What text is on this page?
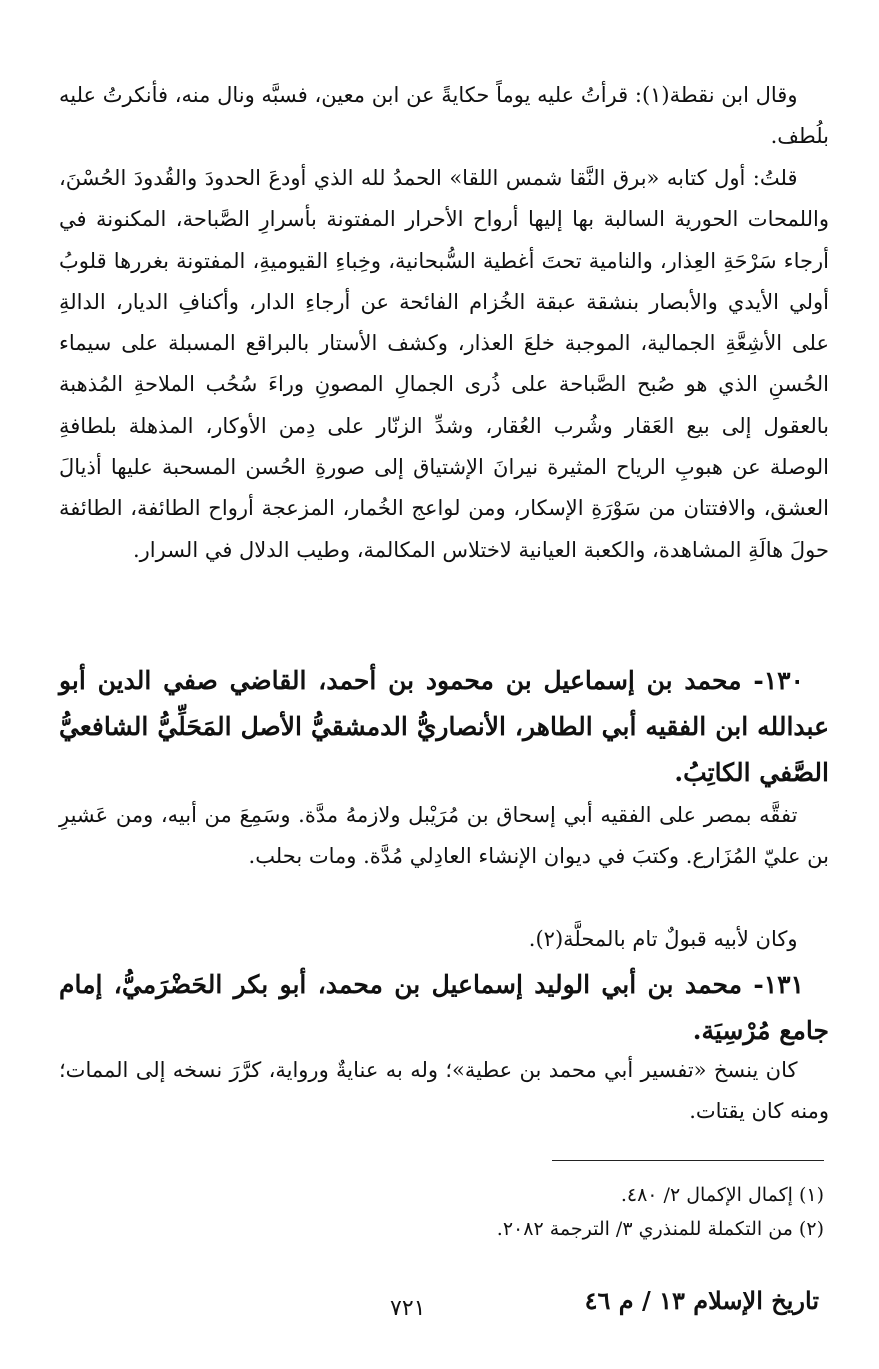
وقال ابن نقطة(١): قرأتُ عليه يوماً حكايةً عن ابن معين، فسبَّه ونال منه، فأنكرتُ عليه بلُطف.
قلتُ: أول كتابه «برق النَّقا شمس اللقا» الحمدُ لله الذي أودعَ الحدودَ والقُدودَ الحُسْنَ، واللمحات الحورية السالبة بها إليها أرواح الأحرار المفتونة بأسرارِ الصَّباحة، المكنونة في أرجاء سَرْحَةِ العِذار، والنامية تحتَ أغطية السُّبحانية، وخِباءِ القيوميةِ، المفتونة بغررها قلوبُ أولي الأيدي والأبصار بنشقة عبقة الخُزام الفائحة عن أرجاءِ الدار، وأكنافِ الديار، الدالةِ على الأشِعَّةِ الجمالية، الموجبة خلعَ العذار، وكشف الأستار بالبراقع المسبلة على سيماء الحُسنِ الذي هو صُبح الصَّباحة على ذُرى الجمالِ المصونِ وراءَ سُحُب الملاحةِ المُذهبة بالعقول إلى بيع العَقار وشُرب العُقار، وشدِّ الزنّار على دِمن الأوكار، المذهلة بلطافةِ الوصلة عن هبوبِ الرياح المثيرة نيرانَ الإشتياق إلى صورةِ الحُسن المسحبة عليها أذيالَ العشق، والافتتان من سَوْرَةِ الإسكار، ومن لواعج الخُمار، المزعجة أرواح الطائفة، الطائفة حولَ هالَةِ المشاهدة، والكعبة العيانية لاختلاس المكالمة، وطيب الدلال في السرار.
١٣٠- محمد بن إسماعيل بن محمود بن أحمد، القاضي صفي الدين أبو عبدالله ابن الفقيه أبي الطاهر، الأنصاريُّ الدمشقيُّ الأصل المَحَلِّيُّ الشافعيُّ الصَّفي الكاتِبُ.
تفقَّه بمصر على الفقيه أبي إسحاق بن مُرَيْبل ولازمهُ مدَّة. وسَمِعَ من أبيه، ومن عَشيرِ بن عليّ المُزَارع. وكتبَ في ديوان الإنشاء العادِلي مُدَّة. ومات بحلب.
وكان لأبيه قبولٌ تام بالمحلَّة(٢).
١٣١- محمد بن أبي الوليد إسماعيل بن محمد، أبو بكر الحَضْرَميُّ، إمام جامع مُرْسِيَة.
كان ينسخ «تفسير أبي محمد بن عطية»؛ وله به عنايةٌ ورواية، كرَّرَ نسخه إلى الممات؛ ومنه كان يقتات.
(١) إكمال الإكمال ٢/ ٤٨٠.
(٢) من التكملة للمنذري ٣/ الترجمة ٢٠٨٢.
تاريخ الإسلام ١٣ / م ٤٦
٧٢١
